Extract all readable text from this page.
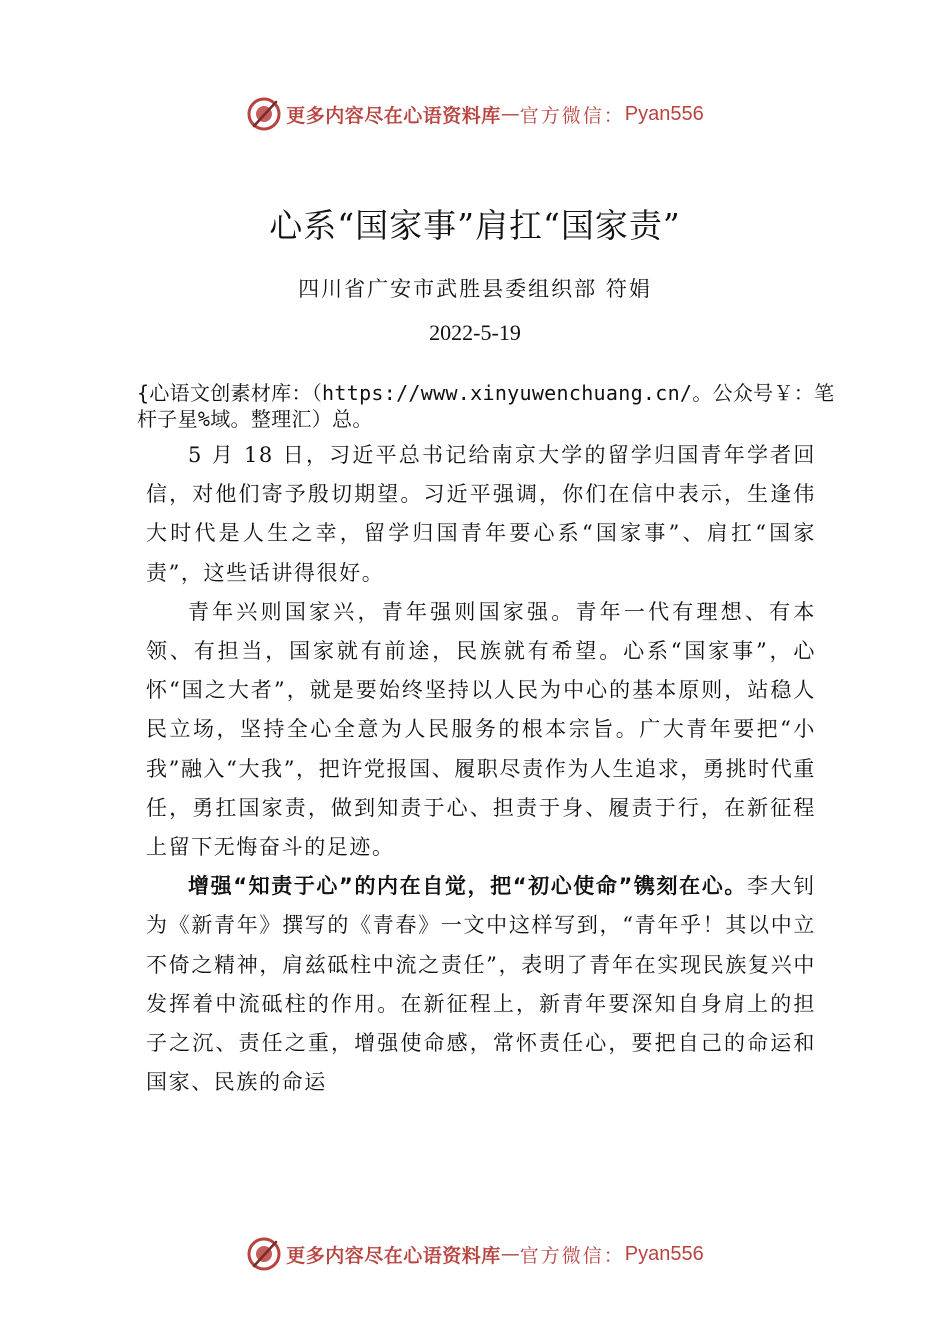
更多内容尽在心语资料库 — 官方微信： Pyan556
心系“国家事”肩扛“国家责”
四川省广安市武胜县委组织部 符娟
2022-5-19
{心语文创素材库：（https://www.xinyuwenchuang.cn/。公众号￥：笔杆子星%域。整理汇）总。

5 月 18 日，习近平总书记给南京大学的留学归国青年学者回信，对他们寄予殷切期望。习近平强调，你们在信中表示，生逢伟大时代是人生之幸，留学归国青年要心系“国家事”、肩扛“国家责”，这些话讲得很好。

青年兴则国家兴，青年强则国家强。青年一代有理想、有本领、有担当，国家就有前途，民族就有希望。心系“国家事”，心怀“国之大者”，就是要始终坚持以人民为中心的基本原则，站稳人民立场，坚持全心全意为人民服务的根本宗旨。广大青年要把“小我”融入“大我”，把许党报国、履职尽责作为人生追求，勇挑时代重任，勇扛国家责，做到知责于心、担责于身、履责于行，在新征程上留下无悔奋斗的足迹。

增强“知责于心”的内在自觉，把“初心使命”镌刻在心。李大钊为《新青年》撰写的《青春》一文中这样写到，“青年乎！其以中立不倚之精神，肩兹砥柱中流之责任”，表明了青年在实现民族复兴中发挥着中流砥柱的作用。在新征程上，新青年要深知自身肩上的担子之沉、责任之重，增强使命感，常怀责任心，要把自己的命运和国家、民族的命运

更多内容尽在心语资料库 — 官方微信： Pyan556
